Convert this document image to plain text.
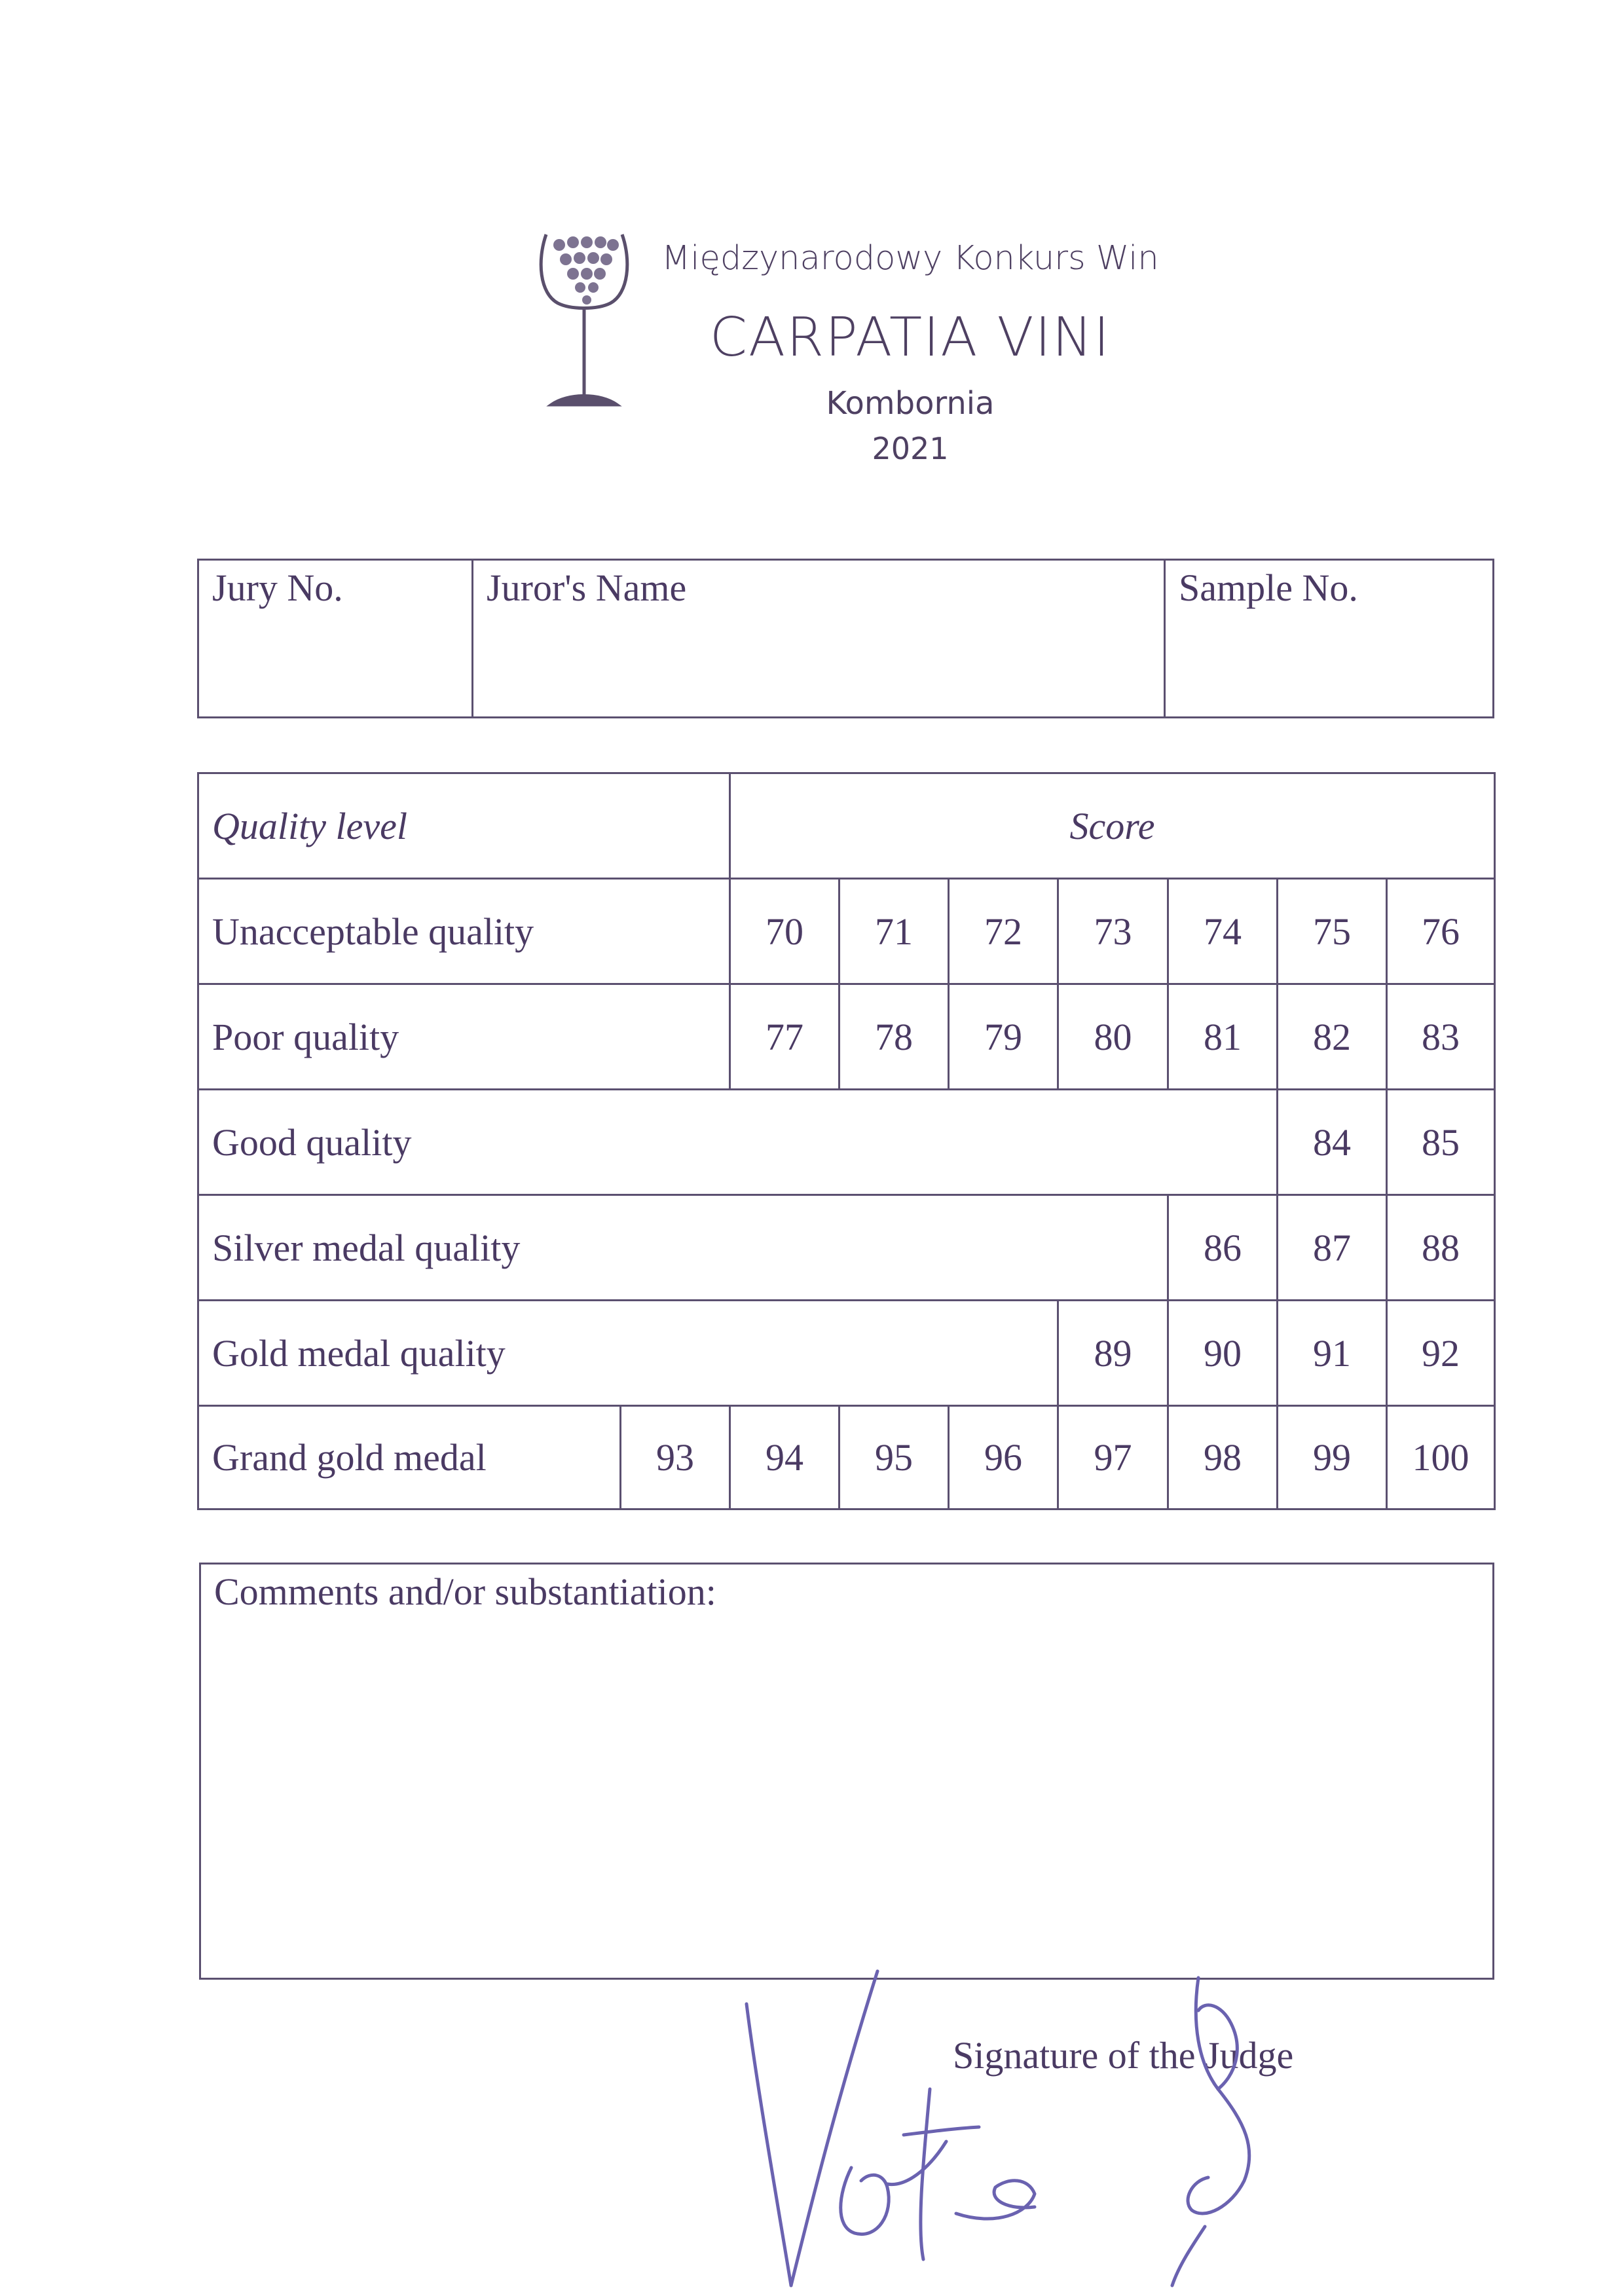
Międzynarodowy Konkurs Win
CARPATIA VINI
Kombornia
2021
Jury No.	Juror's Name	Sample No.
Quality level	Score
Unacceptable quality	70	71	72	73	74	75	76
Poor quality	77	78	79	80	81	82	83
Good quality	84	85
Silver medal quality	86	87	88
Gold medal quality	89	90	91	92
Grand gold medal	93	94	95	96	97	98	99	100
Comments and/or substantiation:
Signature of the Judge
